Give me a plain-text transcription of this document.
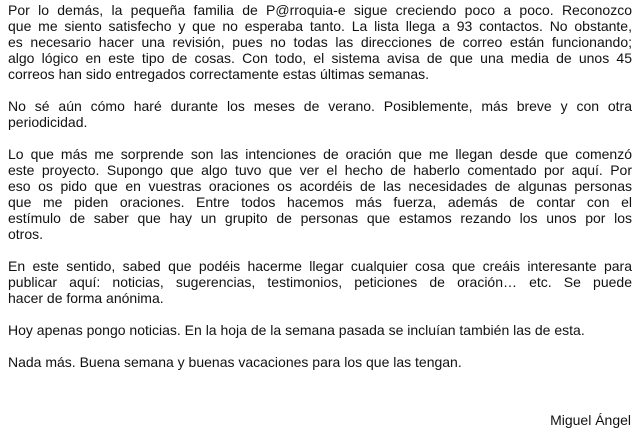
Por lo demás, la pequeña familia de P@rroquia-e sigue creciendo poco a poco. Reconozco
que me siento satisfecho y que no esperaba tanto. La lista llega a 93 contactos. No obstante,
es necesario hacer una revisión, pues no todas las direcciones de correo están funcionando;
algo lógico en este tipo de cosas. Con todo, el sistema avisa de que una media de unos 45
correos han sido entregados correctamente estas últimas semanas.
No sé aún cómo haré durante los meses de verano. Posiblemente, más breve y con otra
periodicidad.
Lo que más me sorprende son las intenciones de oración que me llegan desde que comenzó
este proyecto. Supongo que algo tuvo que ver el hecho de haberlo comentado por aquí. Por
eso os pido que en vuestras oraciones os acordéis de las necesidades de algunas personas
que me piden oraciones. Entre todos hacemos más fuerza, además de contar con el
estímulo de saber que hay un grupito de personas que estamos rezando los unos por los
otros.
En este sentido, sabed que podéis hacerme llegar cualquier cosa que creáis interesante para
publicar aquí: noticias, sugerencias, testimonios, peticiones de oración… etc. Se puede
hacer de forma anónima.
Hoy apenas pongo noticias. En la hoja de la semana pasada se incluían también las de esta.
Nada más. Buena semana y buenas vacaciones para los que las tengan.
Miguel Ángel
